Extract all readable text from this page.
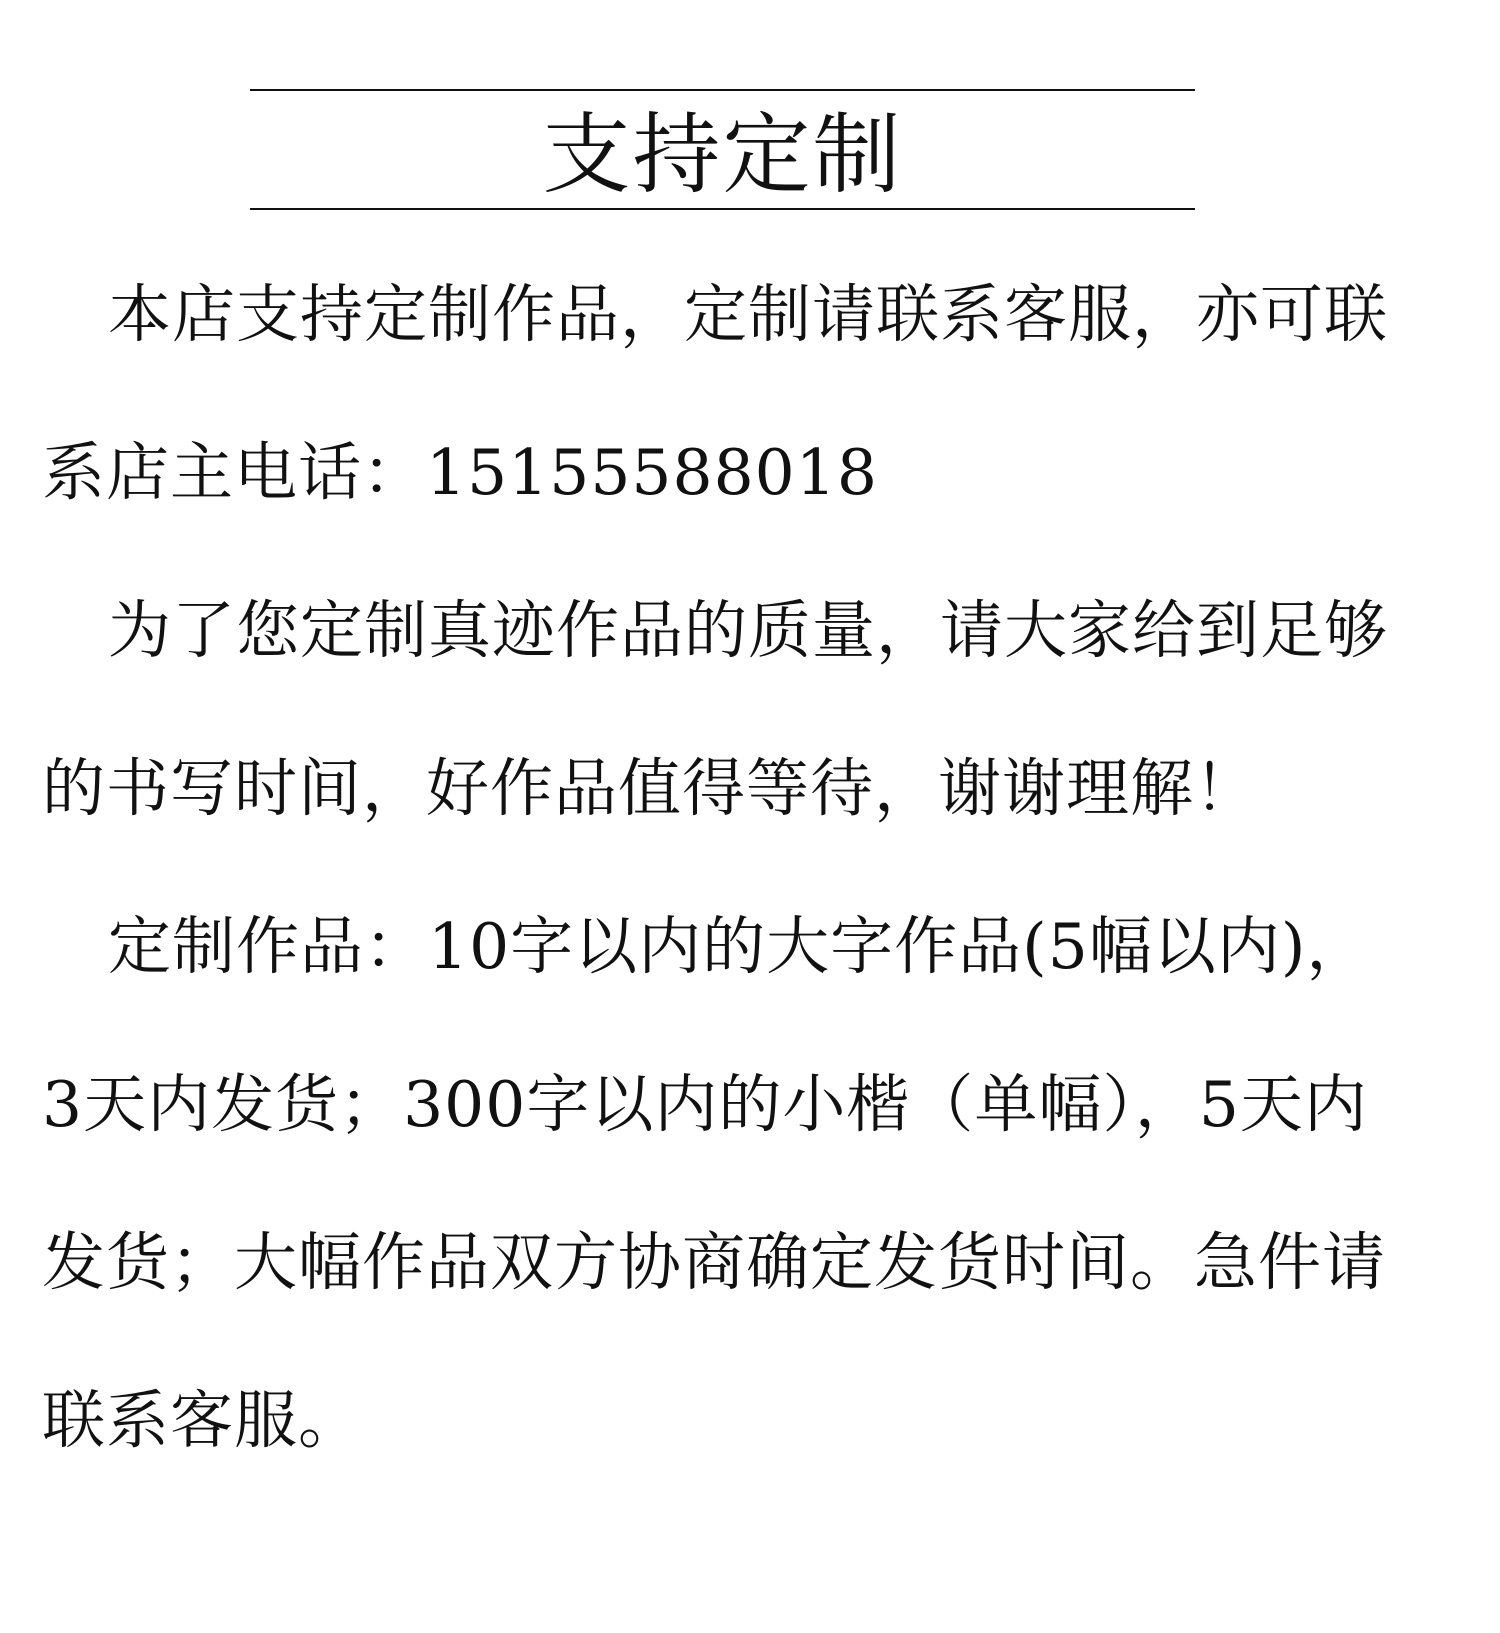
支持定制

本店支持定制作品，定制请联系客服，亦可联系店主电话：15155588018

为了您定制真迹作品的质量，请大家给到足够的书写时间，好作品值得等待，谢谢理解！

定制作品：10字以内的大字作品(5幅以内)，3天内发货；300字以内的小楷（单幅），5天内发货；大幅作品双方协商确定发货时间。急件请联系客服。
